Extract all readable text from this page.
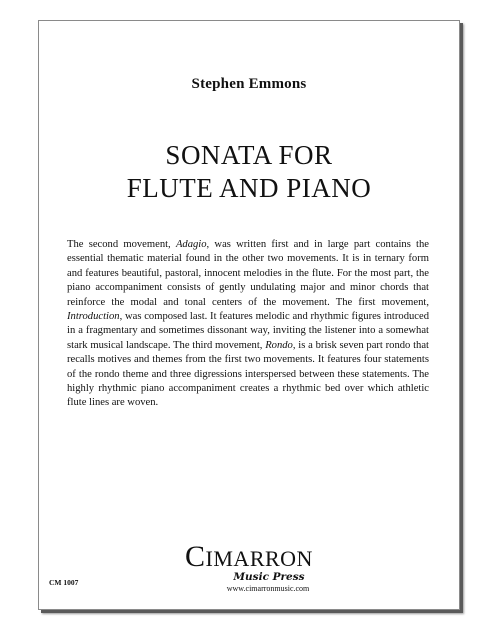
Stephen Emmons
SONATA FOR
FLUTE AND PIANO
The second movement, Adagio, was written first and in large part contains the essential thematic material found in the other two movements. It is in ternary form and features beautiful, pastoral, innocent melodies in the flute. For the most part, the piano accompaniment consists of gently undulating major and minor chords that reinforce the modal and tonal centers of the movement. The first movement, Introduction, was composed last. It features melodic and rhythmic figures introduced in a fragmentary and sometimes dissonant way, inviting the listener into a somewhat stark musical landscape. The third movement, Rondo, is a brisk seven part rondo that recalls motives and themes from the first two movements. It features four statements of the rondo theme and three digressions interspersed between these statements. The highly rhythmic piano accompaniment creates a rhythmic bed over which athletic flute lines are woven.
CIMARRON
Music Press
www.cimarronmusic.com
CM 1007
